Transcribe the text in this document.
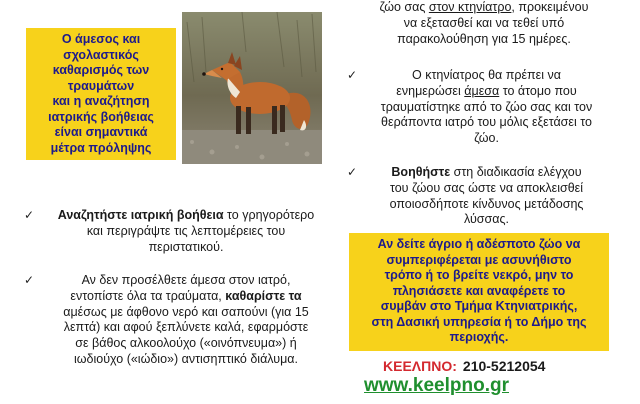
Ο άμεσος και
σχολαστικός
καθαρισμός των
τραυμάτων
και η αναζήτηση
ιατρικής βοήθειας
είναι σημαντικά
μέτρα πρόληψης
ζώο σας στον κτηνίατρο, προκειμένου
να εξετασθεί και να τεθεί υπό
παρακολούθηση για 15 ημέρες.
✓	Ο κτηνίατρος θα πρέπει να
ενημερώσει άμεσα το άτομο που
τραυματίστηκε από το ζώο σας και τον
θεράποντα ιατρό του μόλις εξετάσει το
ζώο.
✓	Βοηθήστε στη διαδικασία ελέγχου
του ζώου σας ώστε να αποκλεισθεί
οποιοσδήποτε κίνδυνος μετάδοσης
λύσσας.
✓	Αναζητήστε ιατρική βοήθεια το γρηγορότερο
και περιγράψτε τις λεπτομέρειες του
περιστατικού.
✓	Αν δεν προσέλθετε άμεσα στον ιατρό,
εντοπίστε όλα τα τραύματα, καθαρίστε τα
αμέσως με άφθονο νερό και σαπούνι (για 15
λεπτά) και αφού ξεπλύνετε καλά, εφαρμόστε
σε βάθος αλκοολούχο («οινόπνευμα») ή
ιωδιούχο («ιώδιο») αντισηπτικό διάλυμα.
Αν δείτε άγριο ή αδέσποτο ζώο να
συμπεριφέρεται με ασυνήθιστο
τρόπο ή το βρείτε νεκρό, μην το
πλησιάσετε και αναφέρετε το
συμβάν στο Τμήμα Κτηνιατρικής,
στη Δασική υπηρεσία ή το Δήμο της
περιοχής.
ΚΕΕΛΠΝΟ: 210-5212054
www.keelpno.gr
